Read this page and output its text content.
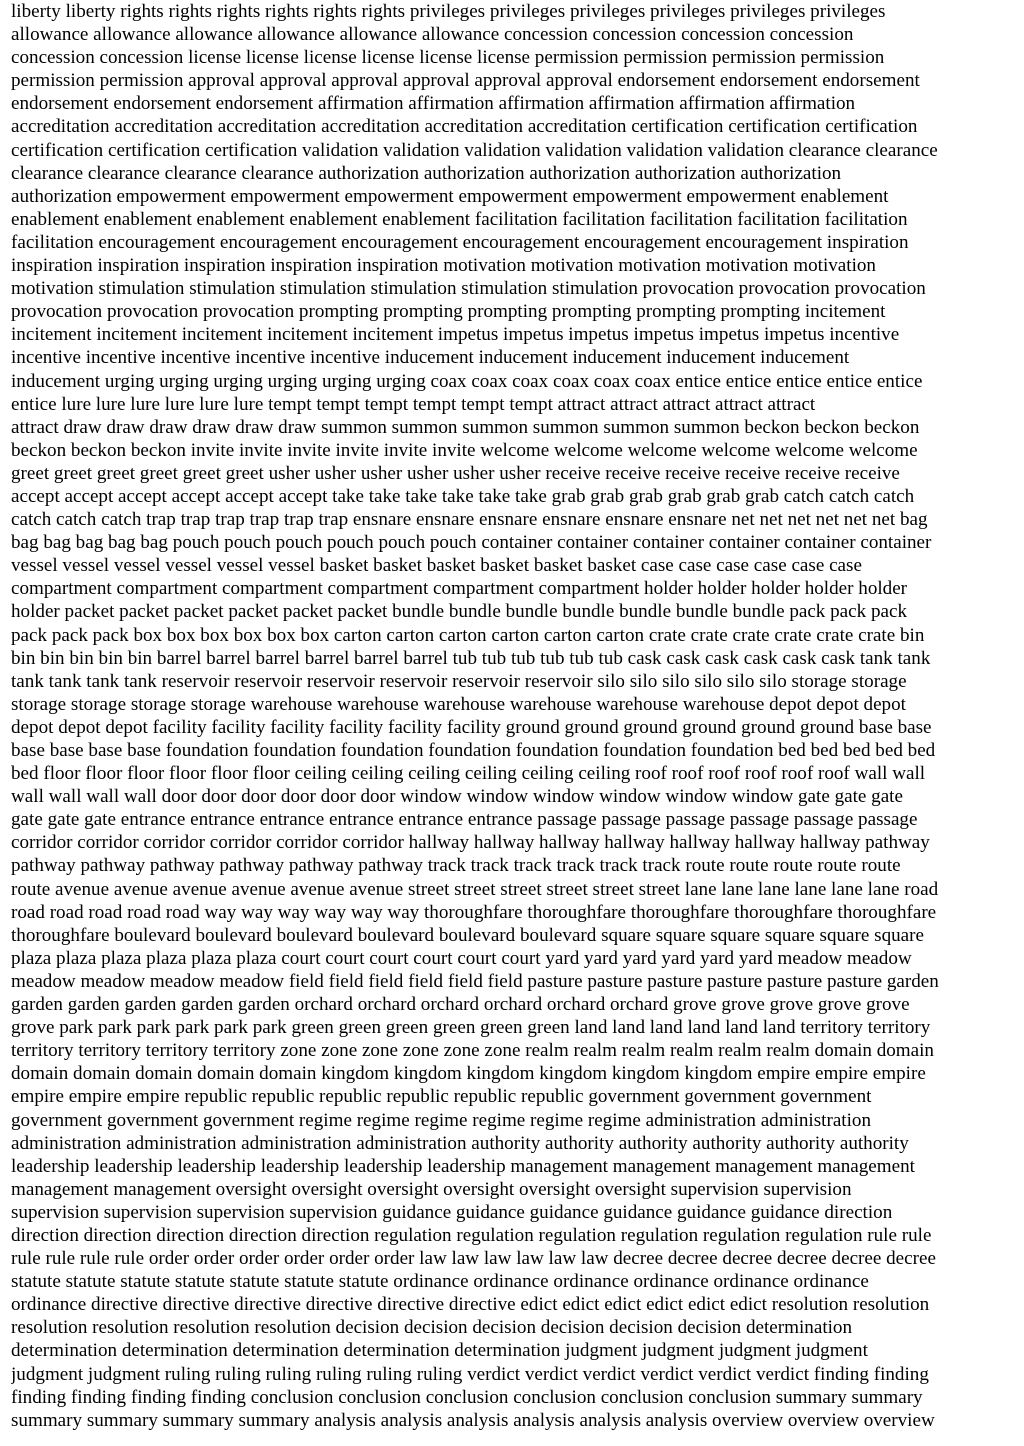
liberty liberty rights rights rights rights rights rights privileges privileges privileges privileges privileges privileges

allowance allowance allowance allowance allowance allowance concession concession concession concession

concession concession license license license license license license permission permission permission permission

permission permission approval approval approval approval approval approval endorsement endorsement endorsement

endorsement endorsement endorsement affirmation affirmation affirmation affirmation affirmation affirmation

accreditation accreditation accreditation accreditation accreditation accreditation certification certification certification

certification certification certification validation validation validation validation validation validation clearance clearance

clearance clearance clearance clearance authorization authorization authorization authorization authorization

authorization empowerment empowerment empowerment empowerment empowerment empowerment enablement

enablement enablement enablement enablement enablement facilitation facilitation facilitation facilitation facilitation

facilitation encouragement encouragement encouragement encouragement encouragement encouragement inspiration

inspiration inspiration inspiration inspiration inspiration motivation motivation motivation motivation motivation

motivation stimulation stimulation stimulation stimulation stimulation stimulation provocation provocation provocation

provocation provocation provocation prompting prompting prompting prompting prompting prompting incitement

incitement incitement incitement incitement incitement impetus impetus impetus impetus impetus impetus incentive

incentive incentive incentive incentive incentive inducement inducement inducement inducement inducement

inducement urging urging urging urging urging urging coax coax coax coax coax coax entice entice entice entice entice

entice lure lure lure lure lure lure tempt tempt tempt tempt tempt tempt attract attract attract attract attract

attract draw draw draw draw draw draw summon summon summon summon summon summon beckon beckon beckon

beckon beckon beckon invite invite invite invite invite invite welcome welcome welcome welcome welcome welcome

greet greet greet greet greet greet usher usher usher usher usher usher receive receive receive receive receive receive

accept accept accept accept accept accept take take take take take take grab grab grab grab grab grab catch catch catch

catch catch catch trap trap trap trap trap trap ensnare ensnare ensnare ensnare ensnare ensnare net net net net net net bag

bag bag bag bag bag pouch pouch pouch pouch pouch pouch container container container container container container

vessel vessel vessel vessel vessel vessel basket basket basket basket basket basket case case case case case case

compartment compartment compartment compartment compartment compartment holder holder holder holder holder

holder packet packet packet packet packet packet bundle bundle bundle bundle bundle bundle bundle pack pack pack

pack pack pack box box box box box box carton carton carton carton carton carton crate crate crate crate crate crate bin

bin bin bin bin bin barrel barrel barrel barrel barrel barrel tub tub tub tub tub tub cask cask cask cask cask cask tank tank

tank tank tank tank reservoir reservoir reservoir reservoir reservoir reservoir silo silo silo silo silo silo storage storage

storage storage storage storage warehouse warehouse warehouse warehouse warehouse warehouse depot depot depot

depot depot depot facility facility facility facility facility facility ground ground ground ground ground ground base base

base base base base foundation foundation foundation foundation foundation foundation foundation bed bed bed bed bed

bed floor floor floor floor floor floor ceiling ceiling ceiling ceiling ceiling ceiling roof roof roof roof roof roof wall wall

wall wall wall wall door door door door door door window window window window window window gate gate gate

gate gate gate entrance entrance entrance entrance entrance entrance passage passage passage passage passage passage

corridor corridor corridor corridor corridor corridor hallway hallway hallway hallway hallway hallway hallway pathway

pathway pathway pathway pathway pathway pathway track track track track track track route route route route route

route avenue avenue avenue avenue avenue avenue street street street street street street lane lane lane lane lane lane road

road road road road road way way way way way way thoroughfare thoroughfare thoroughfare thoroughfare thoroughfare

thoroughfare boulevard boulevard boulevard boulevard boulevard boulevard square square square square square square

plaza plaza plaza plaza plaza plaza court court court court court court yard yard yard yard yard yard meadow meadow

meadow meadow meadow meadow field field field field field field pasture pasture pasture pasture pasture pasture garden

garden garden garden garden garden orchard orchard orchard orchard orchard orchard grove grove grove grove grove

grove park park park park park park green green green green green green land land land land land land territory territory

territory territory territory territory zone zone zone zone zone zone realm realm realm realm realm realm domain domain

domain domain domain domain domain kingdom kingdom kingdom kingdom kingdom kingdom empire empire empire

empire empire empire republic republic republic republic republic republic government government government

government government government regime regime regime regime regime regime administration administration

administration administration administration administration authority authority authority authority authority authority

leadership leadership leadership leadership leadership leadership management management management management

management management oversight oversight oversight oversight oversight oversight supervision supervision

supervision supervision supervision supervision guidance guidance guidance guidance guidance guidance direction

direction direction direction direction direction regulation regulation regulation regulation regulation regulation rule rule

rule rule rule rule order order order order order order law law law law law law decree decree decree decree decree decree

statute statute statute statute statute statute statute ordinance ordinance ordinance ordinance ordinance ordinance

ordinance directive directive directive directive directive directive edict edict edict edict edict edict resolution resolution

resolution resolution resolution resolution decision decision decision decision decision decision determination

determination determination determination determination determination judgment judgment judgment judgment

judgment judgment ruling ruling ruling ruling ruling ruling verdict verdict verdict verdict verdict verdict finding finding

finding finding finding finding conclusion conclusion conclusion conclusion conclusion conclusion summary summary

summary summary summary summary analysis analysis analysis analysis analysis analysis overview overview overview
